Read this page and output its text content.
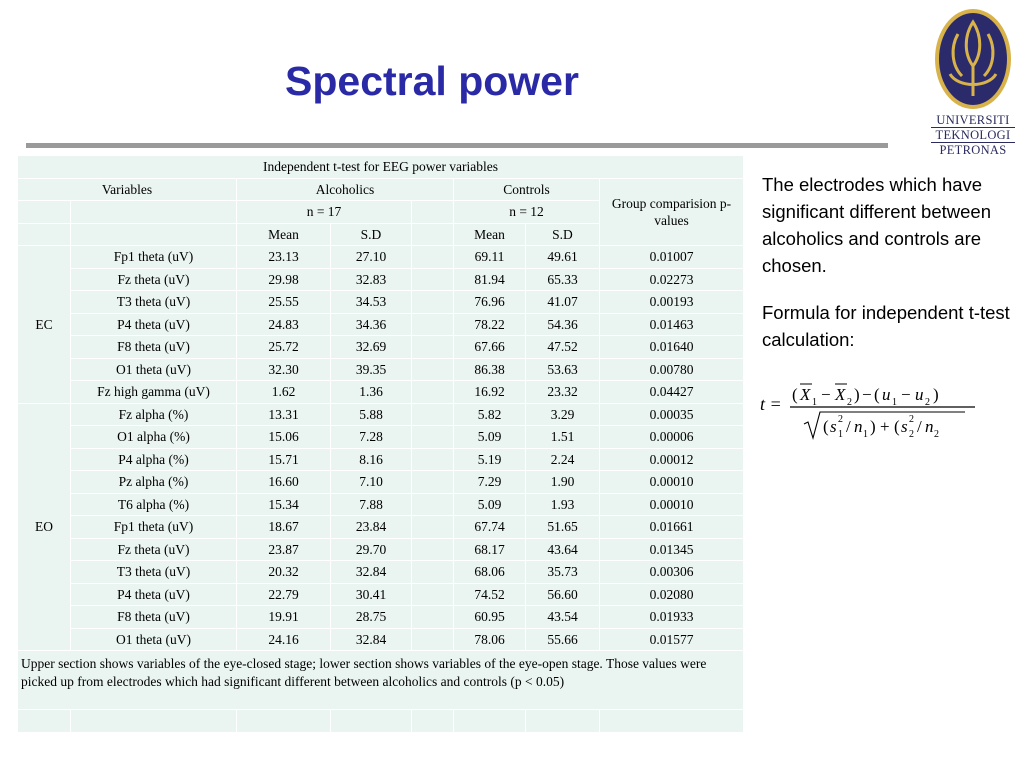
Spectral power
UNIVERSITI
TEKNOLOGI
PETRONAS
Independent t-test for EEG power variables							
Variables		Alcoholics			Controls		Group comparision p-values
		n = 17			n = 12		
		Mean	S.D		Mean	S.D	
EC	Fp1 theta (uV)	23.13	27.10		69.11	49.61	0.01007
	Fz theta (uV)	29.98	32.83		81.94	65.33	0.02273
	T3 theta (uV)	25.55	34.53		76.96	41.07	0.00193
	P4 theta (uV)	24.83	34.36		78.22	54.36	0.01463
	F8 theta (uV)	25.72	32.69		67.66	47.52	0.01640
	O1 theta (uV)	32.30	39.35		86.38	53.63	0.00780
	Fz high gamma (uV)	1.62	1.36		16.92	23.32	0.04427
EO	Fz alpha (%)	13.31	5.88		5.82	3.29	0.00035
	O1 alpha (%)	15.06	7.28		5.09	1.51	0.00006
	P4 alpha (%)	15.71	8.16		5.19	2.24	0.00012
	Pz alpha (%)	16.60	7.10		7.29	1.90	0.00010
	T6 alpha (%)	15.34	7.88		5.09	1.93	0.00010
	Fp1 theta (uV)	18.67	23.84		67.74	51.65	0.01661
	Fz theta (uV)	23.87	29.70		68.17	43.64	0.01345
	T3 theta (uV)	20.32	32.84		68.06	35.73	0.00306
	P4 theta (uV)	22.79	30.41		74.52	56.60	0.02080
	F8 theta (uV)	19.91	28.75		60.95	43.54	0.01933
	O1 theta (uV)	24.16	32.84		78.06	55.66	0.01577
Upper section shows variables of the eye-closed stage; lower section shows variables of the eye-open stage. Those values were picked up from electrodes which had significant different between alcoholics and controls (p < 0.05)							

The electrodes which have significant different between alcoholics and controls are chosen.

Formula for independent t-test calculation:

t = ( X 1 − X 2 ) − ( u 1 − u 2 )
( s 2
1 / n 1 ) + ( s 2
2 / n 2
